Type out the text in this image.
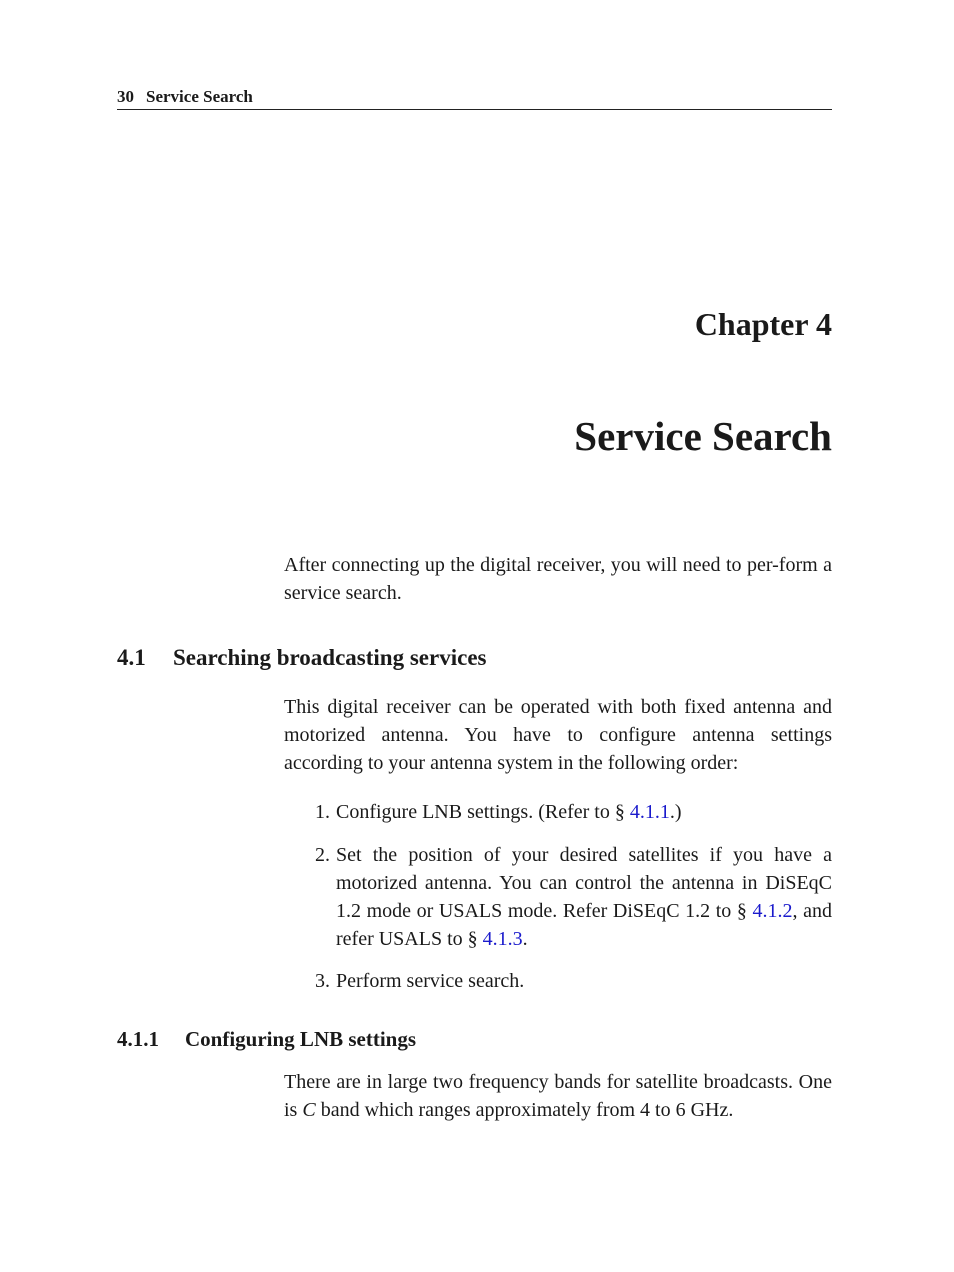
30 Service Search
Chapter 4
Service Search
After connecting up the digital receiver, you will need to per-form a service search.
4.1 Searching broadcasting services
This digital receiver can be operated with both fixed antenna and motorized antenna. You have to configure antenna settings according to your antenna system in the following order:
1. Configure LNB settings. (Refer to § 4.1.1.)
2. Set the position of your desired satellites if you have a motorized antenna. You can control the antenna in DiSEqC 1.2 mode or USALS mode. Refer DiSEqC 1.2 to § 4.1.2, and refer USALS to § 4.1.3.
3. Perform service search.
4.1.1 Configuring LNB settings
There are in large two frequency bands for satellite broadcasts. One is C band which ranges approximately from 4 to 6 GHz.
